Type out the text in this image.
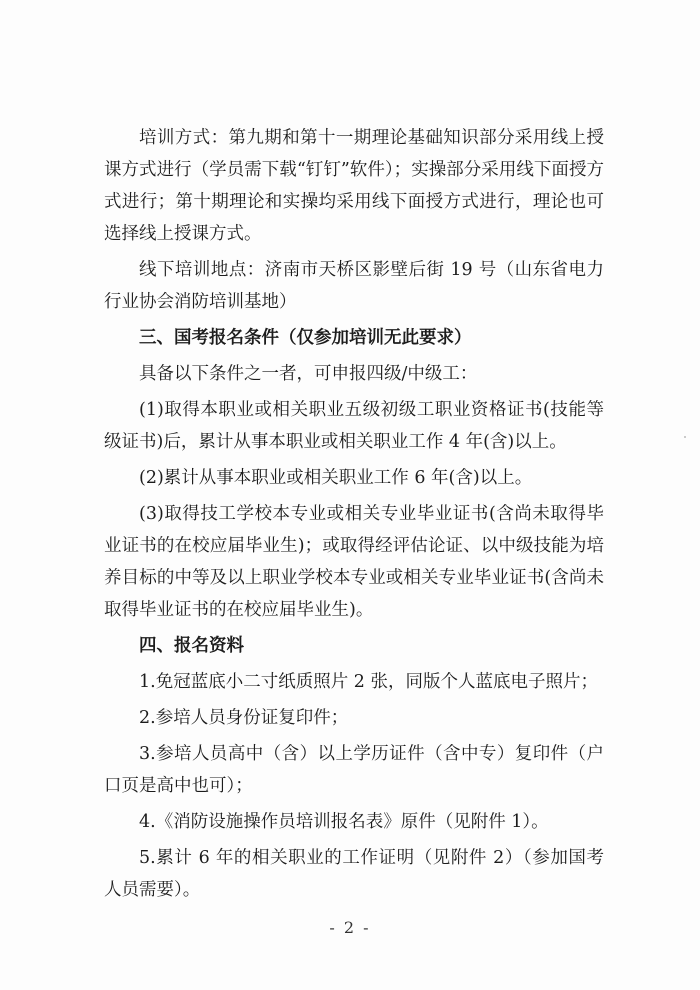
培训方式：第九期和第十一期理论基础知识部分采用线上授课方式进行（学员需下载“钉钉”软件）；实操部分采用线下面授方式进行；第十期理论和实操均采用线下面授方式进行，理论也可选择线上授课方式。

线下培训地点：济南市天桥区影壁后街 19 号（山东省电力行业协会消防培训基地）

三、国考报名条件（仅参加培训无此要求）

具备以下条件之一者，可申报四级/中级工：

(1)取得本职业或相关职业五级初级工职业资格证书(技能等级证书)后，累计从事本职业或相关职业工作 4 年(含)以上。

(2)累计从事本职业或相关职业工作 6 年(含)以上。

(3)取得技工学校本专业或相关专业毕业证书(含尚未取得毕业证书的在校应届毕业生)；或取得经评估论证、以中级技能为培养目标的中等及以上职业学校本专业或相关专业毕业证书(含尚未取得毕业证书的在校应届毕业生)。

四、报名资料

1.免冠蓝底小二寸纸质照片 2 张，同版个人蓝底电子照片；

2.参培人员身份证复印件；

3.参培人员高中（含）以上学历证件（含中专）复印件（户口页是高中也可）；

4.《消防设施操作员培训报名表》原件（见附件 1）。

5.累计 6 年的相关职业的工作证明（见附件 2）（参加国考人员需要）。

- 2 -
